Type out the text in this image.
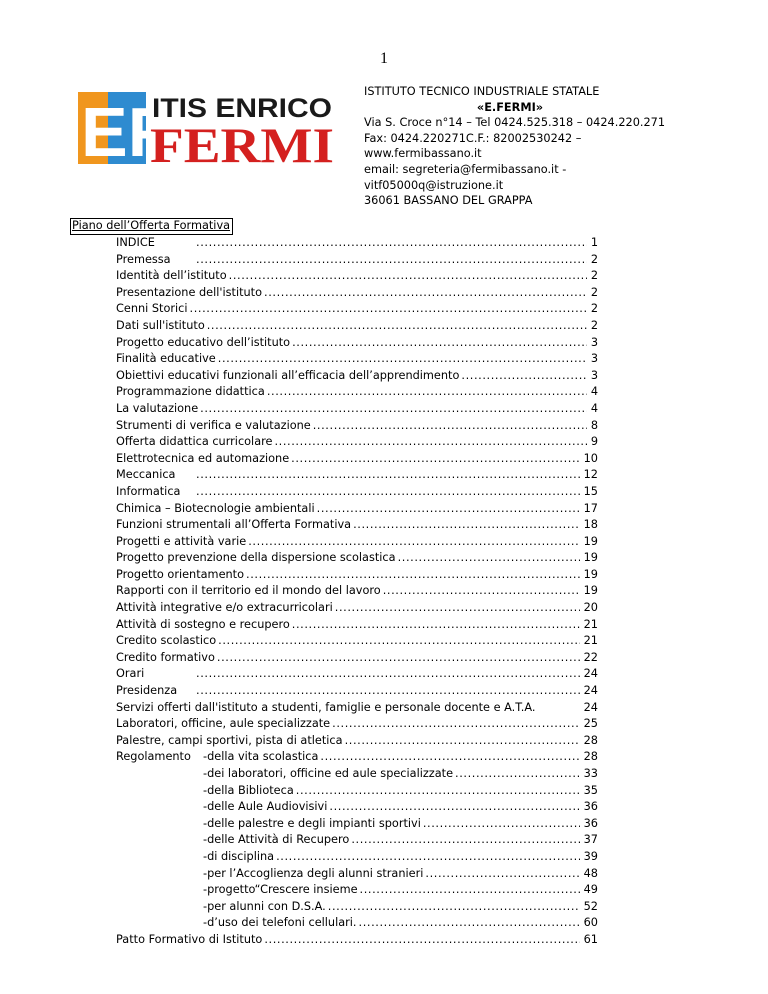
1
EF
ITIS ENRICO
FERMI
ISTITUTO TECNICO INDUSTRIALE STATALE
«E.FERMI»
Via S. Croce n°14 – Tel 0424.525.318 – 0424.220.271
Fax: 0424.220271C.F.: 82002530242 –
www.fermibassano.it
email: segreteria@fermibassano.it -
vitf05000q@istruzione.it
36061 BASSANO DEL GRAPPA
Piano dell’Offerta Formativa
INDICE .....	1
Premessa .....	2
Identità dell’istituto .....	2
Presentazione dell'istituto .....	2
Cenni Storici .....	2
Dati sull'istituto .....	2
Progetto educativo dell’istituto .....	3
Finalità educative .....	3
Obiettivi educativi funzionali all’efficacia dell’apprendimento .....	3
Programmazione didattica .....	4
La valutazione .....	4
Strumenti di verifica e valutazione .....	8
Offerta didattica curricolare .....	9
Elettrotecnica ed automazione .....	10
Meccanica .....	12
Informatica .....	15
Chimica – Biotecnologie ambientali .....	17
Funzioni strumentali all’Offerta Formativa .....	18
Progetti e attività varie .....	19
Progetto prevenzione della dispersione scolastica .....	19
Progetto orientamento .....	19
Rapporti con il territorio ed il mondo del lavoro .....	19
Attività integrative e/o extracurricolari .....	20
Attività di sostegno e recupero .....	21
Credito scolastico .....	21
Credito formativo .....	22
Orari .....	24
Presidenza .....	24
Servizi offerti dall'istituto a studenti, famiglie e personale docente e A.T.A.	24
Laboratori, officine, aule specializzate .....	25
Palestre, campi sportivi, pista di atletica .....	28
Regolamento -della vita scolastica .....	28
-dei laboratori, officine ed aule specializzate .....	33
-della Biblioteca .....	35
-delle Aule Audiovisivi .....	36
-delle palestre e degli impianti sportivi .....	36
-delle Attività di Recupero .....	37
-di disciplina .....	39
-per l’Accoglienza degli alunni stranieri .....	48
-progetto“Crescere insieme .....	49
-per alunni con D.S.A. .....	52
-d’uso dei telefoni cellulari. .....	60
Patto Formativo di Istituto .....	61
